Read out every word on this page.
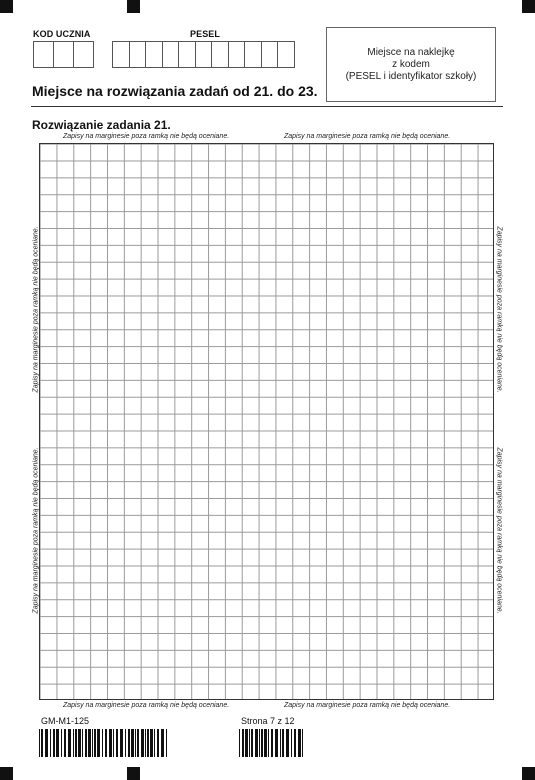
KOD UCZNIA	PESEL
Miejsce na naklejkę
z kodem
(PESEL i identyfikator szkoły)
Miejsce na rozwiązania zadań od 21. do 23.
Rozwiązanie zadania 21.
Zapisy na marginesie poza ramką nie będą oceniane.	Zapisy na marginesie poza ramką nie będą oceniane.
Zapisy na marginesie poza ramką nie będą oceniane.
Zapisy na marginesie poza ramką nie będą oceniane.
Zapisy na marginesie poza ramką nie będą oceniane.
Zapisy na marginesie poza ramką nie będą oceniane.
Zapisy na marginesie poza ramką nie będą oceniane.	Zapisy na marginesie poza ramką nie będą oceniane.
GM-M1-125	Strona 7 z 12
